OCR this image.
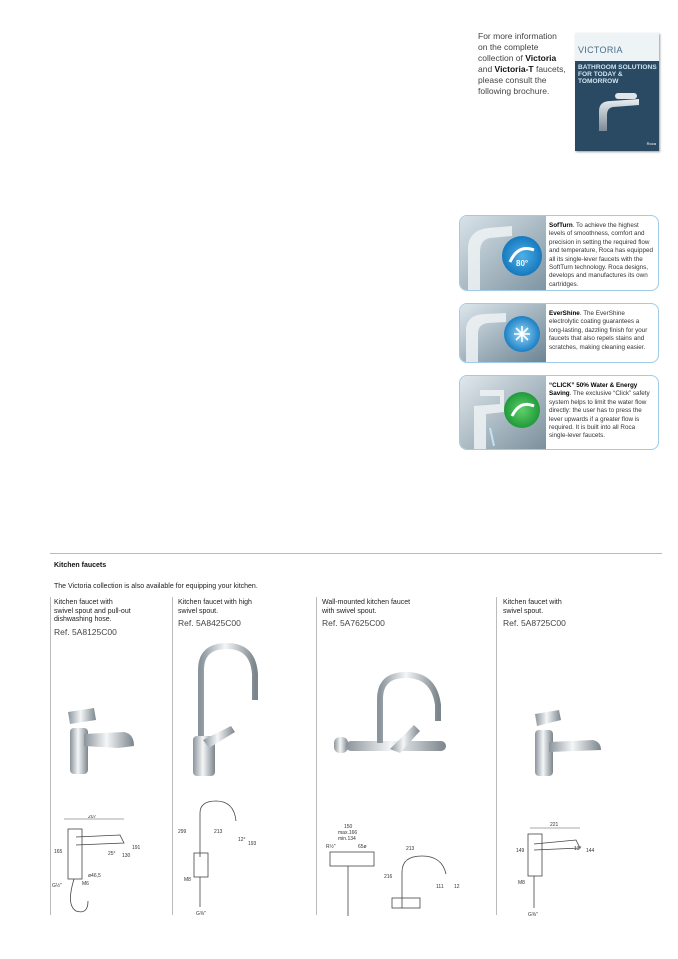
For more information
on the complete
collection of Victoria
and Victoria-T faucets,
please consult the
following brochure.
VICTORIA
BATHROOM SOLUTIONS FOR TODAY & TOMORROW
Roca
80°
SofTurn. To achieve the highest levels of smoothness, comfort and precision in setting the required flow and temperature, Roca has equipped all its single-lever faucets with the SoftTurn technology. Roca designs, develops and manufactures its own cartridges.
EverShine. The EverShine electrolytic coating guarantees a long-lasting, dazzling finish for your faucets that also repels stains and scratches, making cleaning easier.
“CLICK” 50% Water & Energy Saving. The exclusive “Click” safety system helps to limit the water flow directly: the user has to press the lever upwards if a greater flow is required. It is built into all Roca single-lever faucets.
Kitchen faucets
The Victoria collection is also available for equipping your kitchen.
Kitchen faucet with
swivel spout and pull-out
dishwashing hose.
Ref. 5A8125C00
Kitchen faucet with high
swivel spout.
Ref. 5A8425C00
Wall-mounted kitchen faucet
with swivel spout.
Ref. 5A7625C00
Kitchen faucet with
swivel spout.
Ref. 5A8725C00
207
165
191
130
25°
ø46,5
M6
G½"
299	213
12°
193
M8
G⅜"
150
max.166
min.134
R½"	65ø	213
216
111 12
221
149	13° 144
M8
G⅜"
